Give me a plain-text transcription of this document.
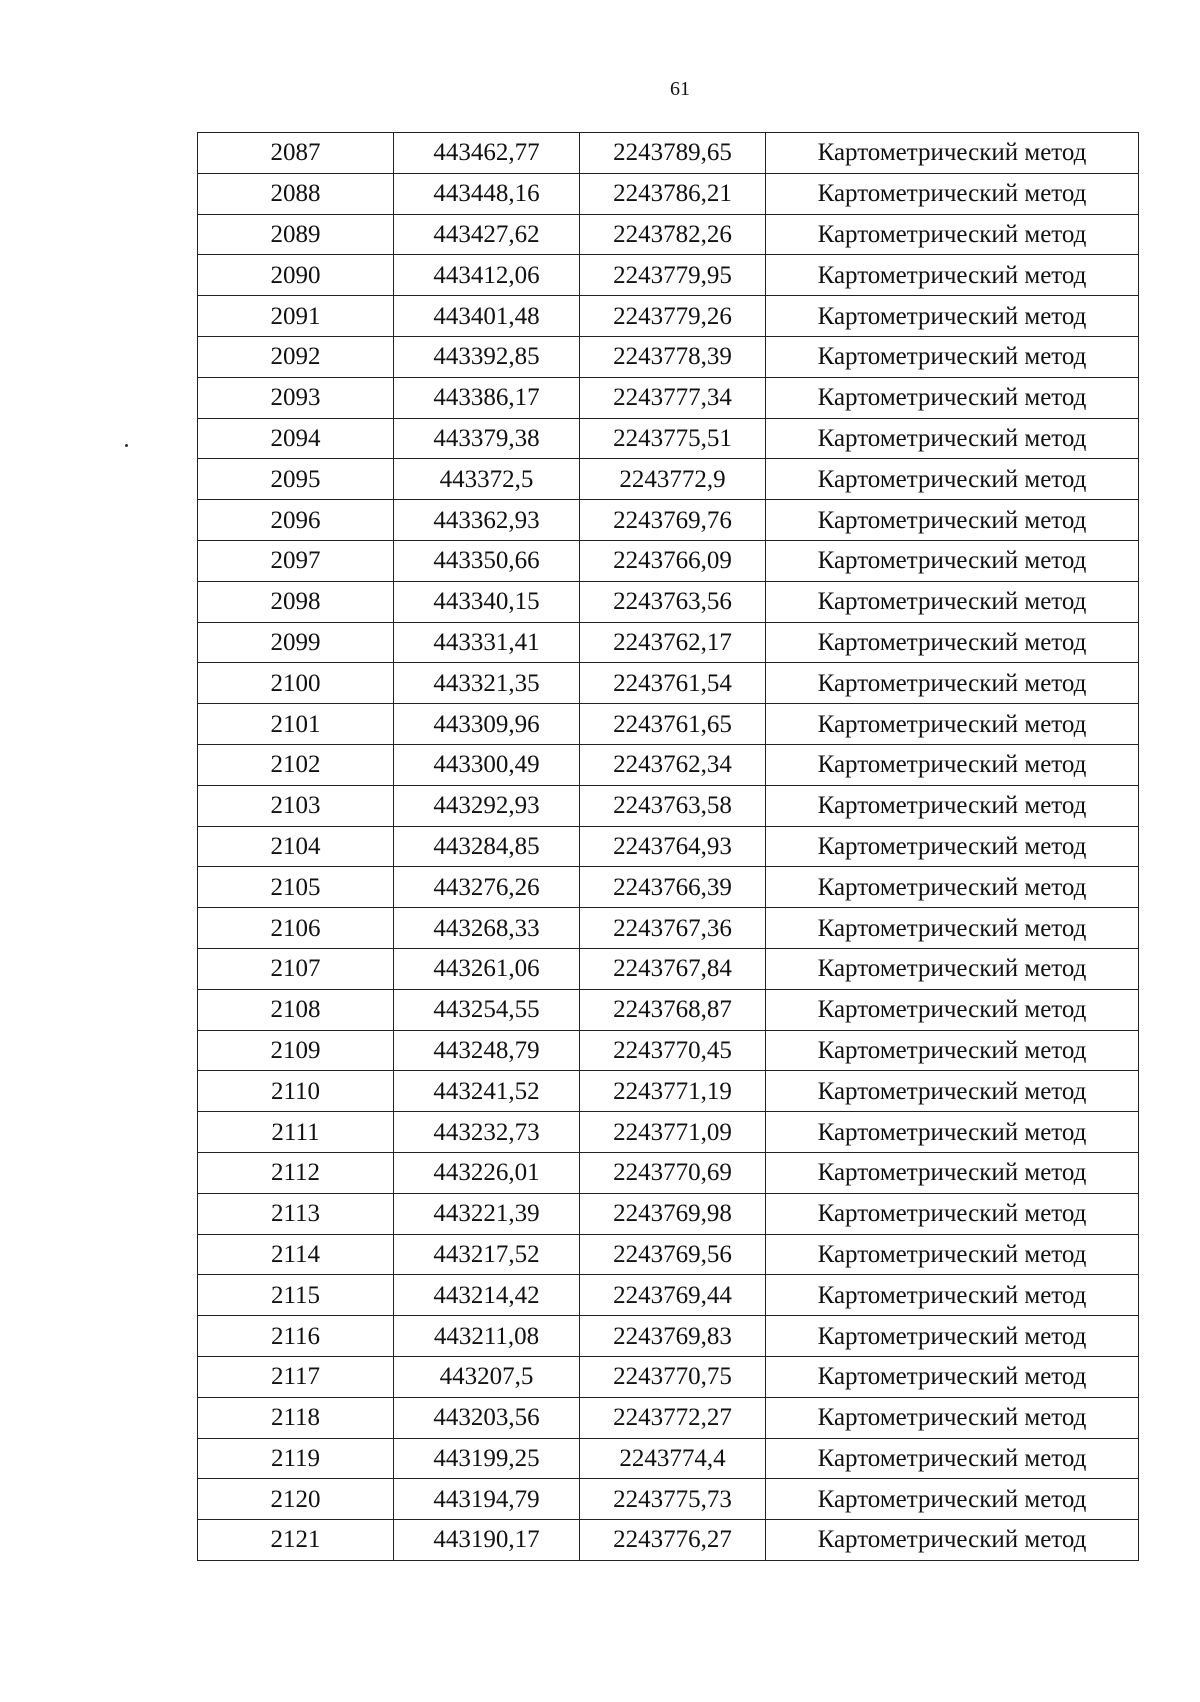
61
2087	443462,77	2243789,65	Картометрический метод
2088	443448,16	2243786,21	Картометрический метод
2089	443427,62	2243782,26	Картометрический метод
2090	443412,06	2243779,95	Картометрический метод
2091	443401,48	2243779,26	Картометрический метод
2092	443392,85	2243778,39	Картометрический метод
2093	443386,17	2243777,34	Картометрический метод
2094	443379,38	2243775,51	Картометрический метод
2095	443372,5	2243772,9	Картометрический метод
2096	443362,93	2243769,76	Картометрический метод
2097	443350,66	2243766,09	Картометрический метод
2098	443340,15	2243763,56	Картометрический метод
2099	443331,41	2243762,17	Картометрический метод
2100	443321,35	2243761,54	Картометрический метод
2101	443309,96	2243761,65	Картометрический метод
2102	443300,49	2243762,34	Картометрический метод
2103	443292,93	2243763,58	Картометрический метод
2104	443284,85	2243764,93	Картометрический метод
2105	443276,26	2243766,39	Картометрический метод
2106	443268,33	2243767,36	Картометрический метод
2107	443261,06	2243767,84	Картометрический метод
2108	443254,55	2243768,87	Картометрический метод
2109	443248,79	2243770,45	Картометрический метод
2110	443241,52	2243771,19	Картометрический метод
2111	443232,73	2243771,09	Картометрический метод
2112	443226,01	2243770,69	Картометрический метод
2113	443221,39	2243769,98	Картометрический метод
2114	443217,52	2243769,56	Картометрический метод
2115	443214,42	2243769,44	Картометрический метод
2116	443211,08	2243769,83	Картометрический метод
2117	443207,5	2243770,75	Картометрический метод
2118	443203,56	2243772,27	Картометрический метод
2119	443199,25	2243774,4	Картометрический метод
2120	443194,79	2243775,73	Картометрический метод
2121	443190,17	2243776,27	Картометрический метод
